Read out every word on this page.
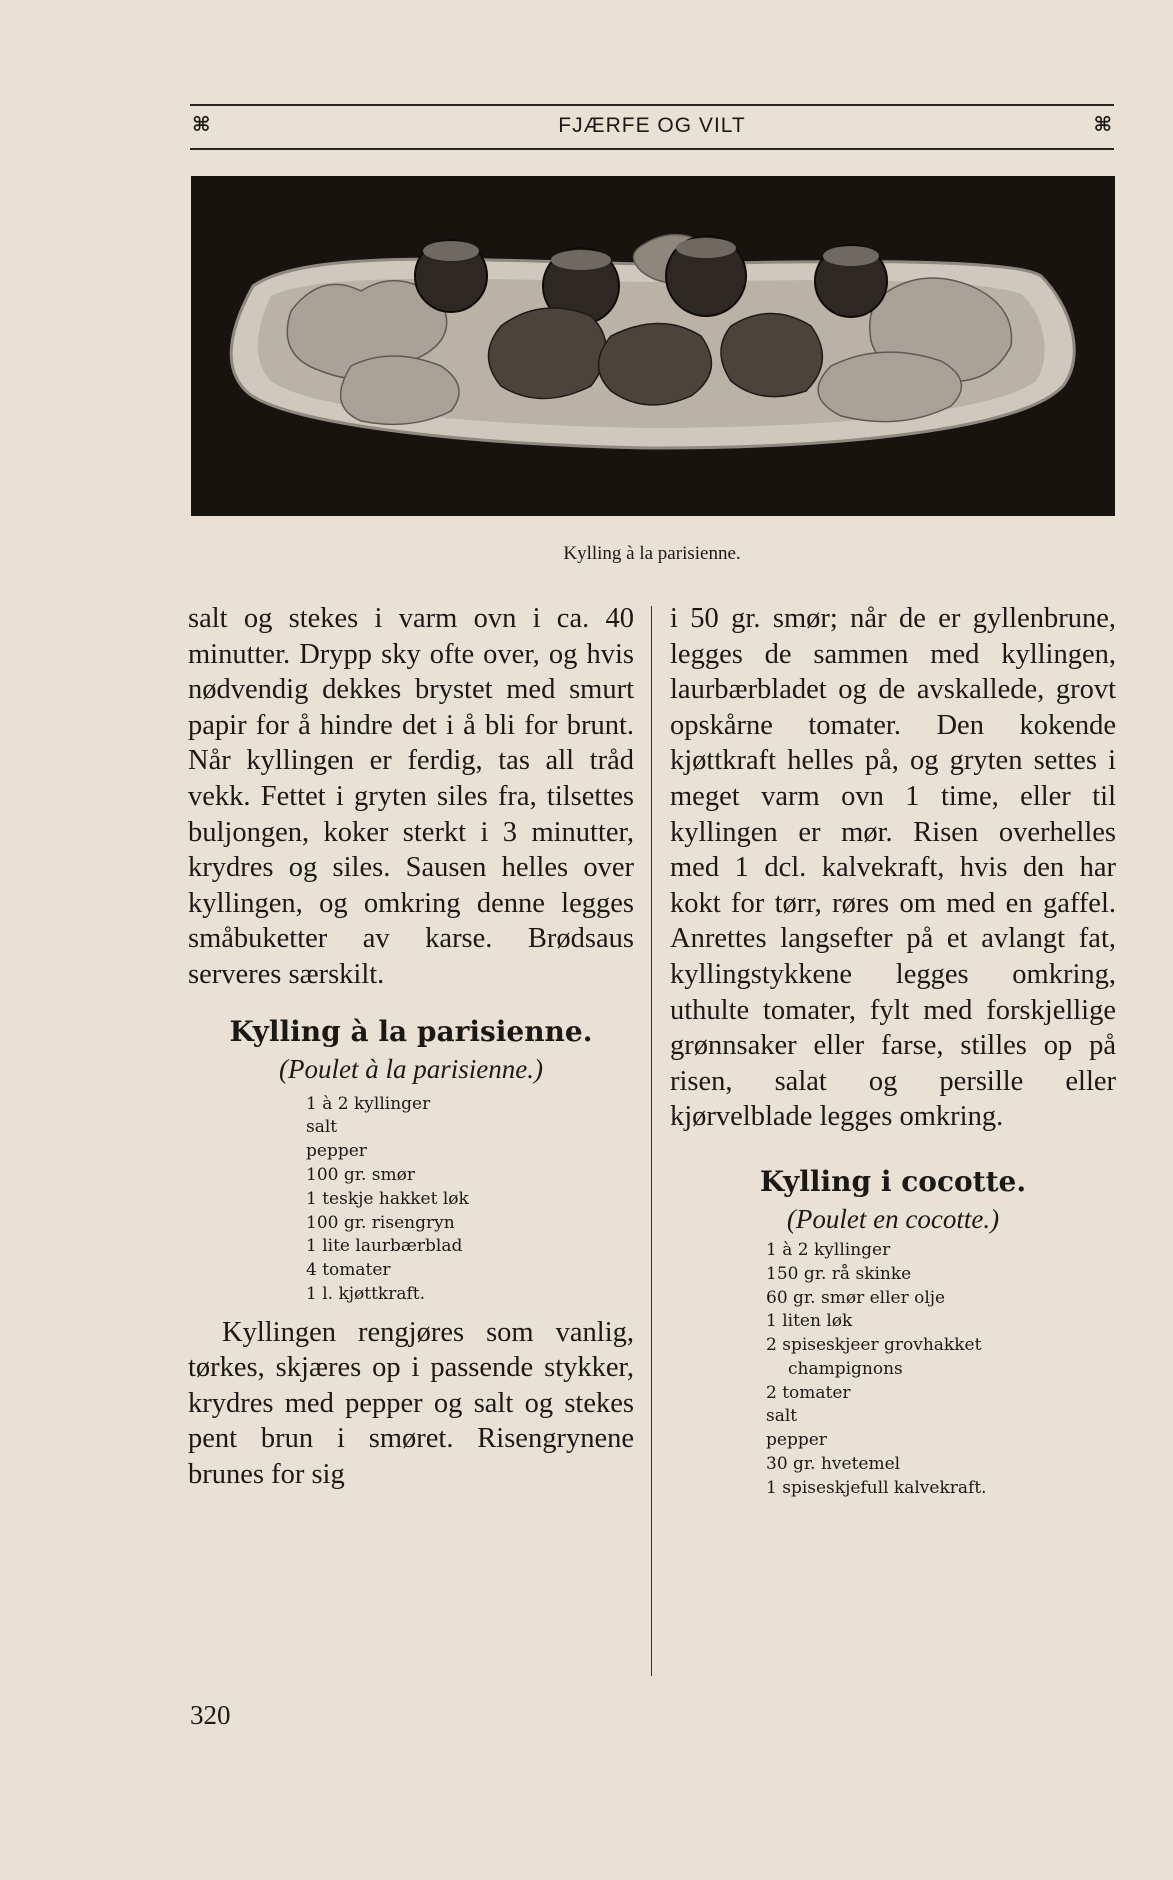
⌘	FJÆRFE OG VILT	⌘
Kylling à la parisienne.

salt og stekes i varm ovn i ca. 40 minutter. Drypp sky ofte over, og hvis nødvendig dekkes brystet med smurt papir for å hindre det i å bli for brunt. Når kyllingen er ferdig, tas all tråd vekk. Fettet i gryten siles fra, tilsettes buljongen, koker sterkt i 3 minutter, krydres og siles. Sausen helles over kyllingen, og omkring denne legges småbuketter av karse. Brødsaus serveres særskilt.

Kylling à la parisienne.

(Poulet à la parisienne.)

1 à 2 kyllinger
salt
pepper
100 gr. smør
1 teskje hakket løk
100 gr. risengryn
1 lite laurbærblad
4 tomater
1 l. kjøttkraft.

Kyllingen rengjøres som vanlig, tørkes, skjæres op i passende stykker, krydres med pepper og salt og stekes pent brun i smøret. Risengrynene brunes for sig

i 50 gr. smør; når de er gyllenbrune, legges de sammen med kyllingen, laurbærbladet og de avskallede, grovt opskårne tomater. Den kokende kjøttkraft helles på, og gryten settes i meget varm ovn 1 time, eller til kyllingen er mør. Risen overhelles med 1 dcl. kalvekraft, hvis den har kokt for tørr, røres om med en gaffel. Anrettes langsefter på et avlangt fat, kyllingstykkene legges omkring, uthulte tomater, fylt med forskjellige grønnsaker eller farse, stilles op på risen, salat og persille eller kjørvelblade legges omkring.

Kylling i cocotte.

(Poulet en cocotte.)

1 à 2 kyllinger
150 gr. rå skinke
60 gr. smør eller olje
1 liten løk
2 spiseskjeer grovhakket
champignons
2 tomater
salt
pepper
30 gr. hvetemel
1 spiseskjefull kalvekraft.
320
